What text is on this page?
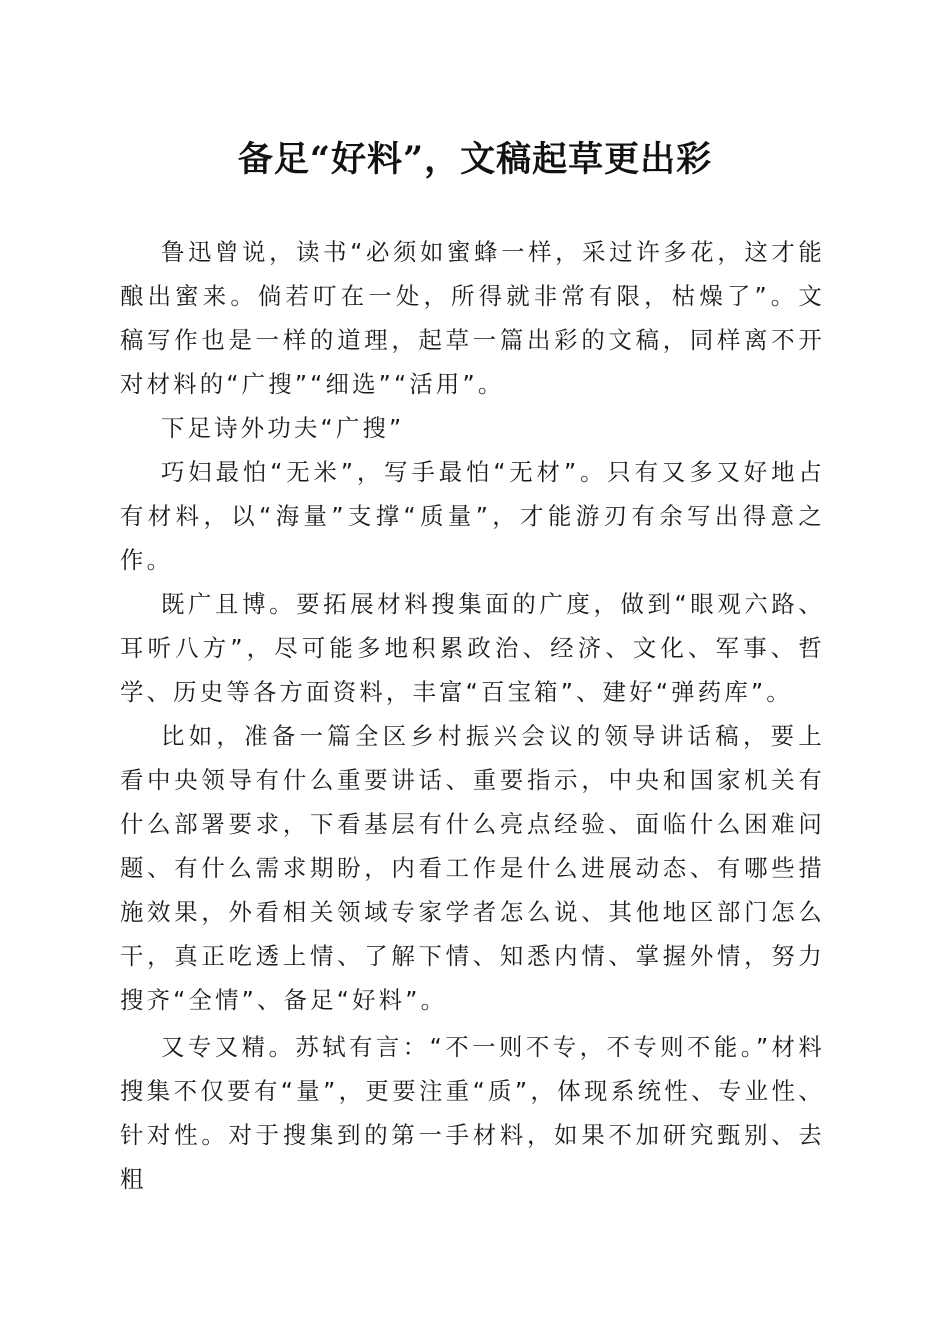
备足“好料”，文稿起草更出彩

鲁迅曾说，读书“必须如蜜蜂一样，采过许多花，这才能酿出蜜来。倘若叮在一处，所得就非常有限，枯燥了”。文稿写作也是一样的道理，起草一篇出彩的文稿，同样离不开对材料的“广搜”“细选”“活用”。

下足诗外功夫“广搜”

巧妇最怕“无米”，写手最怕“无材”。只有又多又好地占有材料，以“海量”支撑“质量”，才能游刃有余写出得意之作。

既广且博。要拓展材料搜集面的广度，做到“眼观六路、耳听八方”，尽可能多地积累政治、经济、文化、军事、哲学、历史等各方面资料，丰富“百宝箱”、建好“弹药库”。

比如，准备一篇全区乡村振兴会议的领导讲话稿，要上看中央领导有什么重要讲话、重要指示，中央和国家机关有什么部署要求，下看基层有什么亮点经验、面临什么困难问题、有什么需求期盼，内看工作是什么进展动态、有哪些措施效果，外看相关领域专家学者怎么说、其他地区部门怎么干，真正吃透上情、了解下情、知悉内情、掌握外情，努力搜齐“全情”、备足“好料”。

又专又精。苏轼有言：“不一则不专，不专则不能。”材料搜集不仅要有“量”，更要注重“质”，体现系统性、专业性、针对性。对于搜集到的第一手材料，如果不加研究甄别、去粗
